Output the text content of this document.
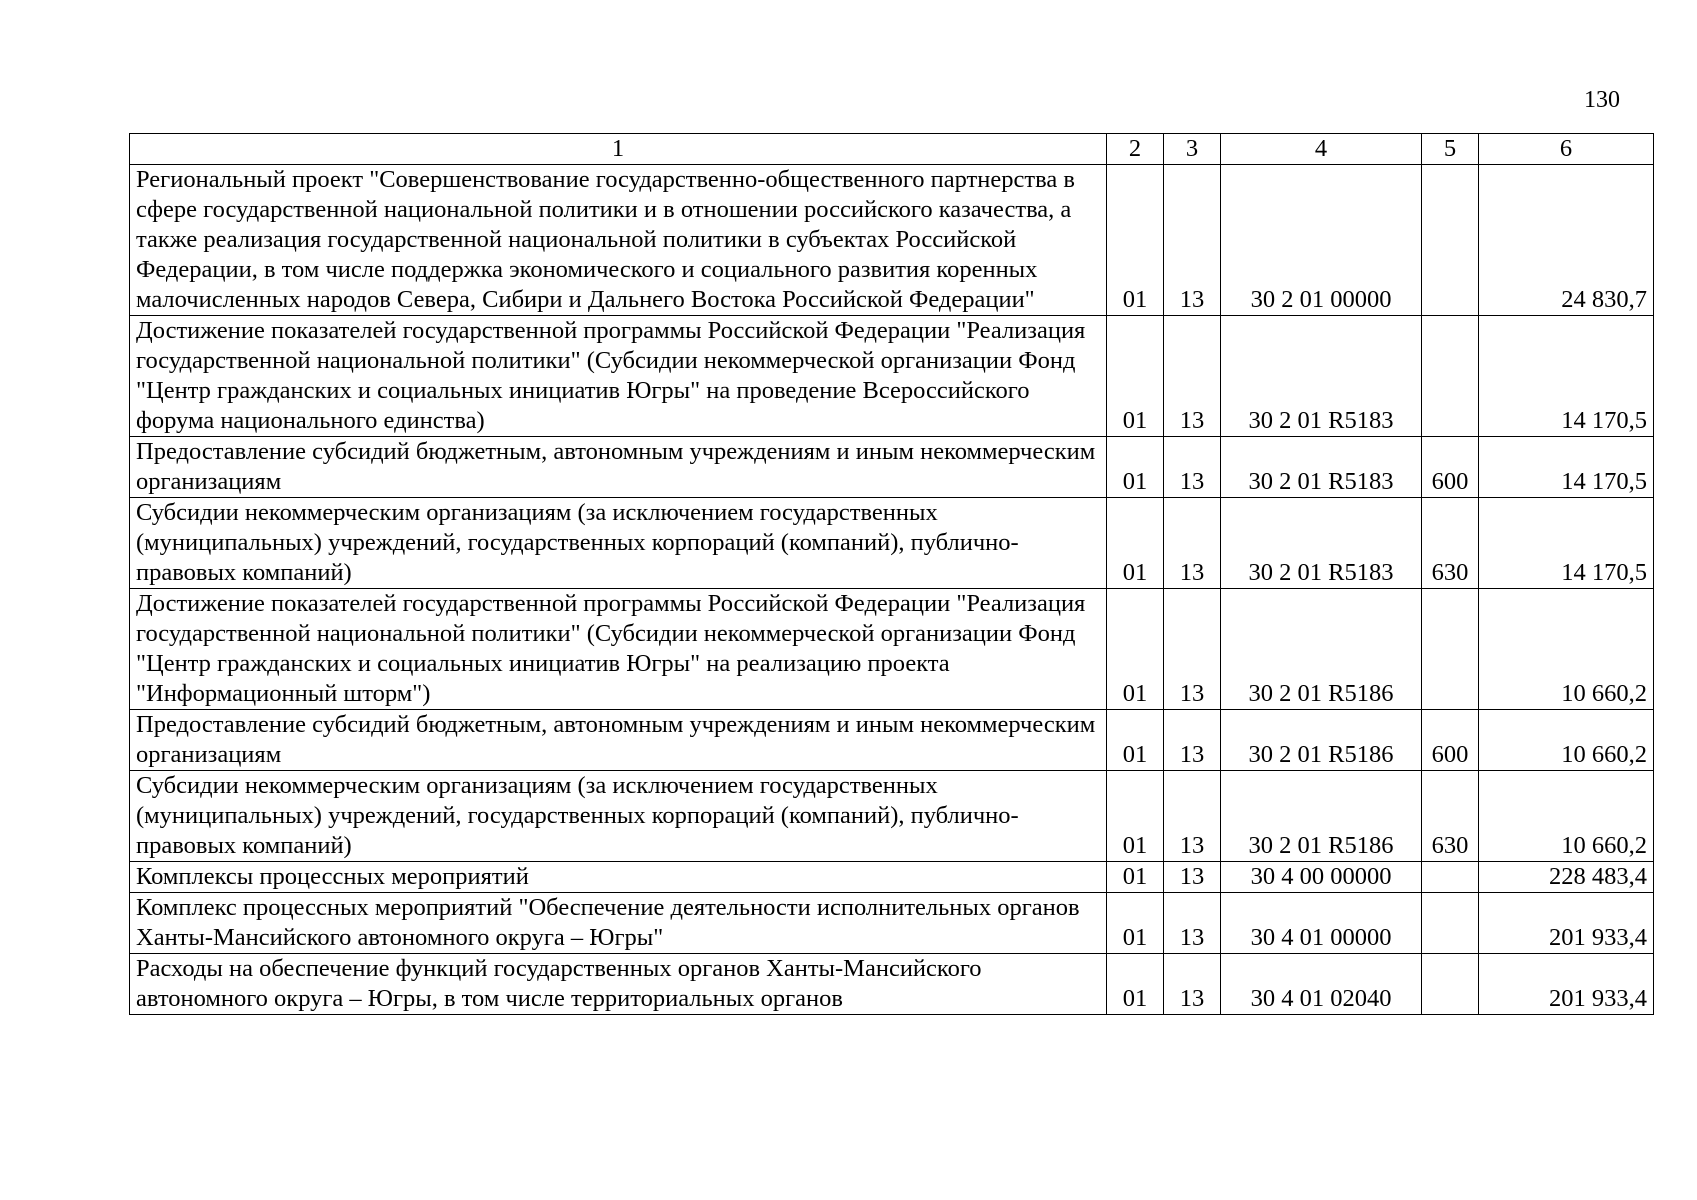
130
1	2	3	4	5	6
Региональный проект "Совершенствование государственно-общественного партнерства в сфере государственной национальной политики и в отношении российского казачества, а также реализация государственной национальной политики в субъектах Российской Федерации, в том числе поддержка экономического и социального развития коренных малочисленных народов Севера, Сибири и Дальнего Востока Российской Федерации"	01	13	30 2 01 00000		24 830,7
Достижение показателей государственной программы Российской Федерации "Реализация государственной национальной политики" (Субсидии некоммерческой организации Фонд "Центр гражданских и социальных инициатив Югры" на проведение Всероссийского форума национального единства)	01	13	30 2 01 R5183		14 170,5
Предоставление субсидий бюджетным, автономным учреждениям и иным некоммерческим организациям	01	13	30 2 01 R5183	600	14 170,5
Субсидии некоммерческим организациям (за исключением государственных (муниципальных) учреждений, государственных корпораций (компаний), публично-правовых компаний)	01	13	30 2 01 R5183	630	14 170,5
Достижение показателей государственной программы Российской Федерации "Реализация государственной национальной политики" (Субсидии некоммерческой организации Фонд "Центр гражданских и социальных инициатив Югры" на реализацию проекта "Информационный шторм")	01	13	30 2 01 R5186		10 660,2
Предоставление субсидий бюджетным, автономным учреждениям и иным некоммерческим организациям	01	13	30 2 01 R5186	600	10 660,2
Субсидии некоммерческим организациям (за исключением государственных (муниципальных) учреждений, государственных корпораций (компаний), публично-правовых компаний)	01	13	30 2 01 R5186	630	10 660,2
Комплексы процессных мероприятий	01	13	30 4 00 00000		228 483,4
Комплекс процессных мероприятий "Обеспечение деятельности исполнительных органов Ханты-Мансийского автономного округа – Югры"	01	13	30 4 01 00000		201 933,4
Расходы на обеспечение функций государственных органов Ханты-Мансийского автономного округа – Югры, в том числе территориальных органов	01	13	30 4 01 02040		201 933,4
